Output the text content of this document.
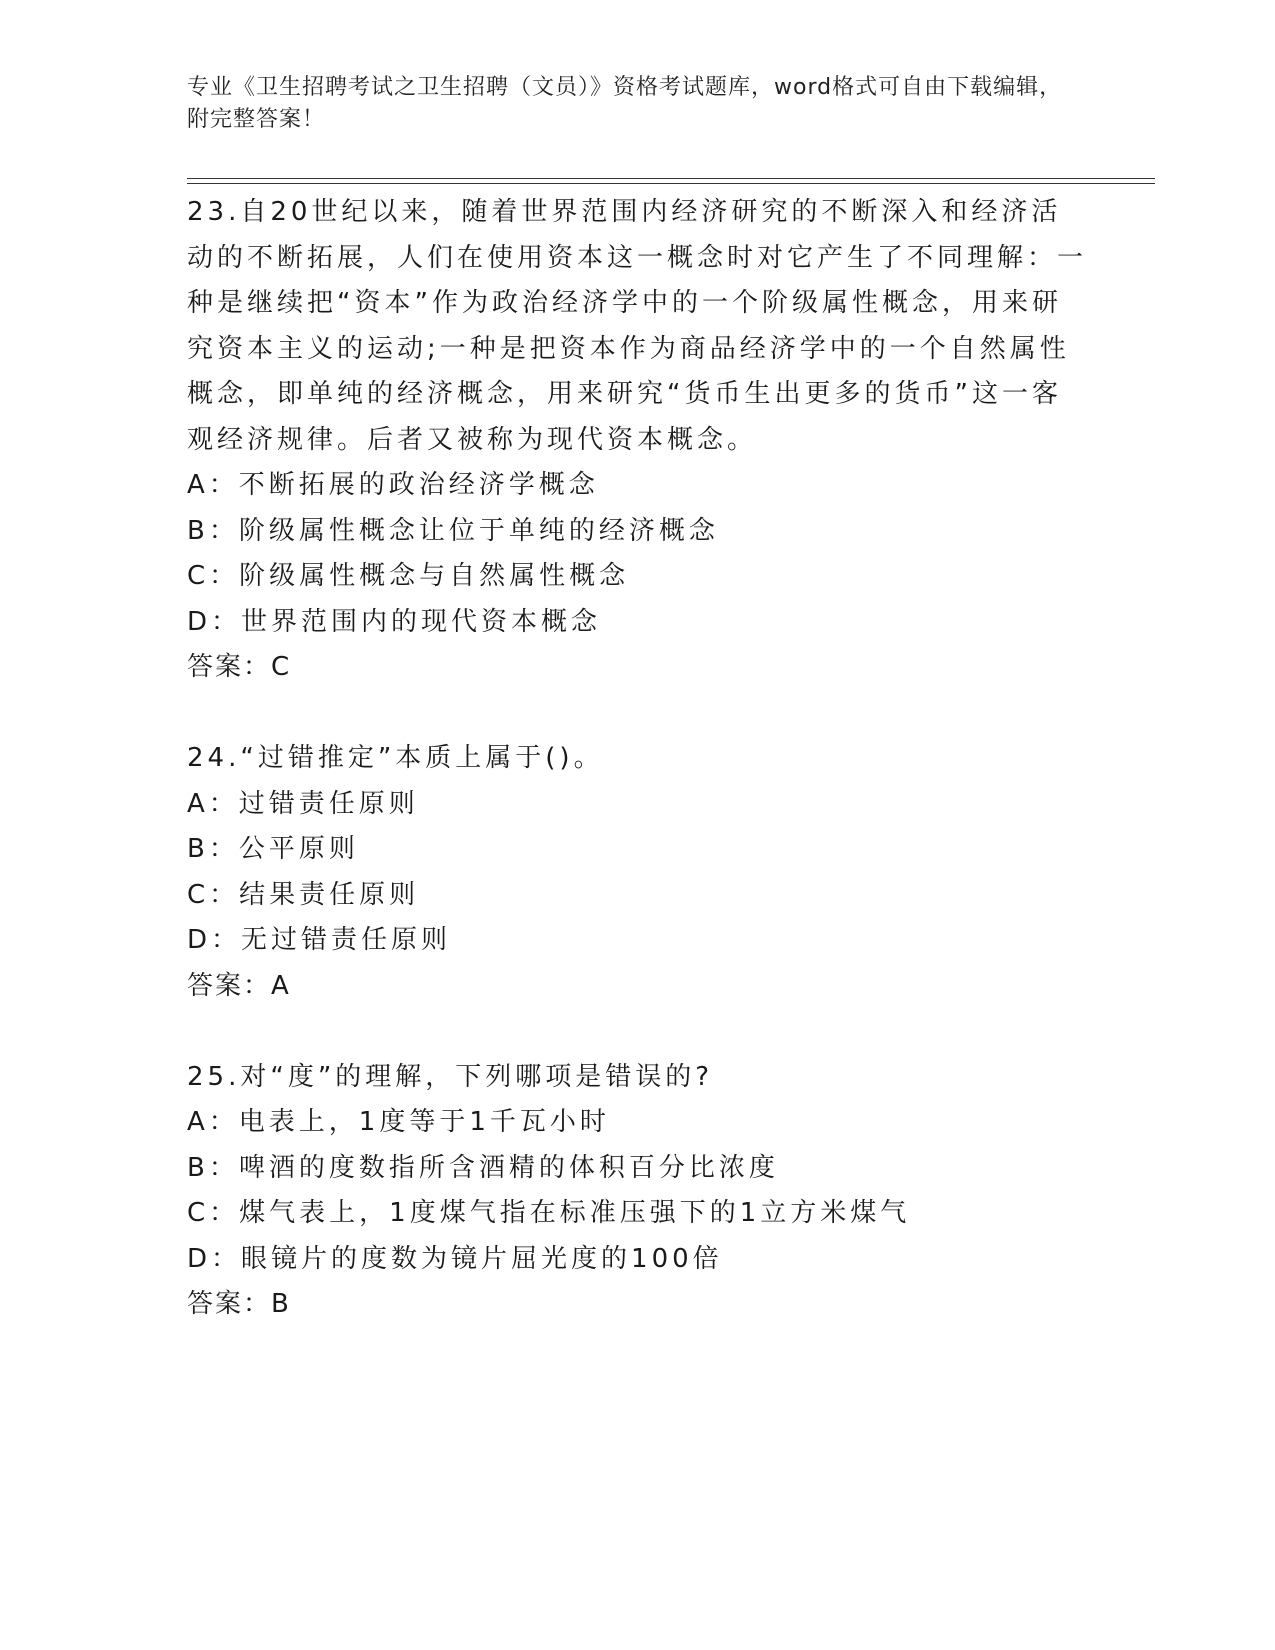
专业《卫生招聘考试之卫生招聘（文员）》资格考试题库，word格式可自由下载编辑，附完整答案！

23.自20世纪以来，随着世界范围内经济研究的不断深入和经济活动的不断拓展，人们在使用资本这一概念时对它产生了不同理解：一种是继续把“资本”作为政治经济学中的一个阶级属性概念，用来研究资本主义的运动;一种是把资本作为商品经济学中的一个自然属性概念，即单纯的经济概念，用来研究“货币生出更多的货币”这一客观经济规律。后者又被称为现代资本概念。

A：不断拓展的政治经济学概念

B：阶级属性概念让位于单纯的经济概念

C：阶级属性概念与自然属性概念

D：世界范围内的现代资本概念

答案：C

24.“过错推定”本质上属于()。

A：过错责任原则

B：公平原则

C：结果责任原则

D：无过错责任原则

答案：A

25.对“度”的理解，下列哪项是错误的?

A：电表上，1度等于1千瓦小时

B：啤酒的度数指所含酒精的体积百分比浓度

C：煤气表上，1度煤气指在标准压强下的1立方米煤气

D：眼镜片的度数为镜片屈光度的100倍

答案：B
